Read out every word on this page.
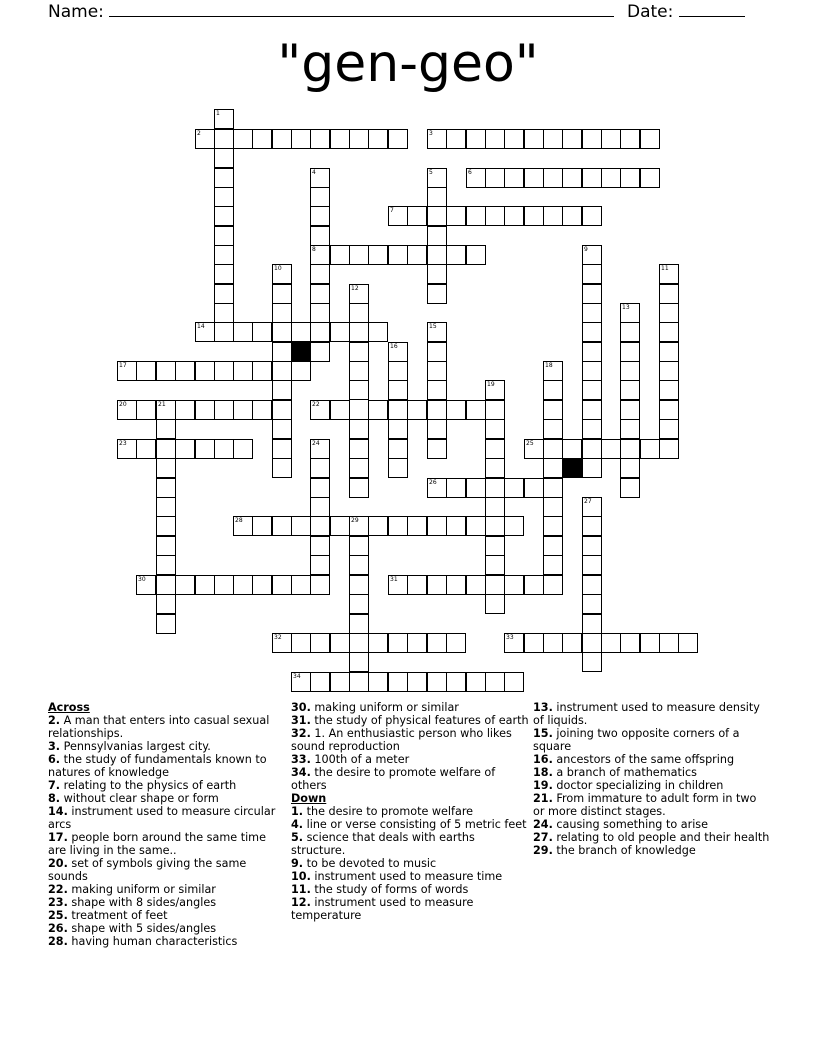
Name:	Date:
"gen-geo"
1
2	3
4	5	6
7
8	9
10	11
12
13
14	15
16
17	18
19
20	21	22
23	24	25
26
27
28	29
30	31
32	33
34
Across
2. A man that enters into casual sexual relationships.
3. Pennsylvanias largest city.
6. the study of fundamentals known to natures of knowledge
7. relating to the physics of earth
8. without clear shape or form
14. instrument used to measure circular arcs
17. people born around the same time are living in the same..
20. set of symbols giving the same sounds
22. making uniform or similar
23. shape with 8 sides/angles
25. treatment of feet
26. shape with 5 sides/angles
28. having human characteristics
30. making uniform or similar
31. the study of physical features of earth
32. 1. An enthusiastic person who likes sound reproduction
33. 100th of a meter
34. the desire to promote welfare of others
Down
1. the desire to promote welfare
4. line or verse consisting of 5 metric feet
5. science that deals with earths structure.
9. to be devoted to music
10. instrument used to measure time
11. the study of forms of words
12. instrument used to measure temperature
13. instrument used to measure density of liquids.
15. joining two opposite corners of a square
16. ancestors of the same offspring
18. a branch of mathematics
19. doctor specializing in children
21. From immature to adult form in two or more distinct stages.
24. causing something to arise
27. relating to old people and their health
29. the branch of knowledge
